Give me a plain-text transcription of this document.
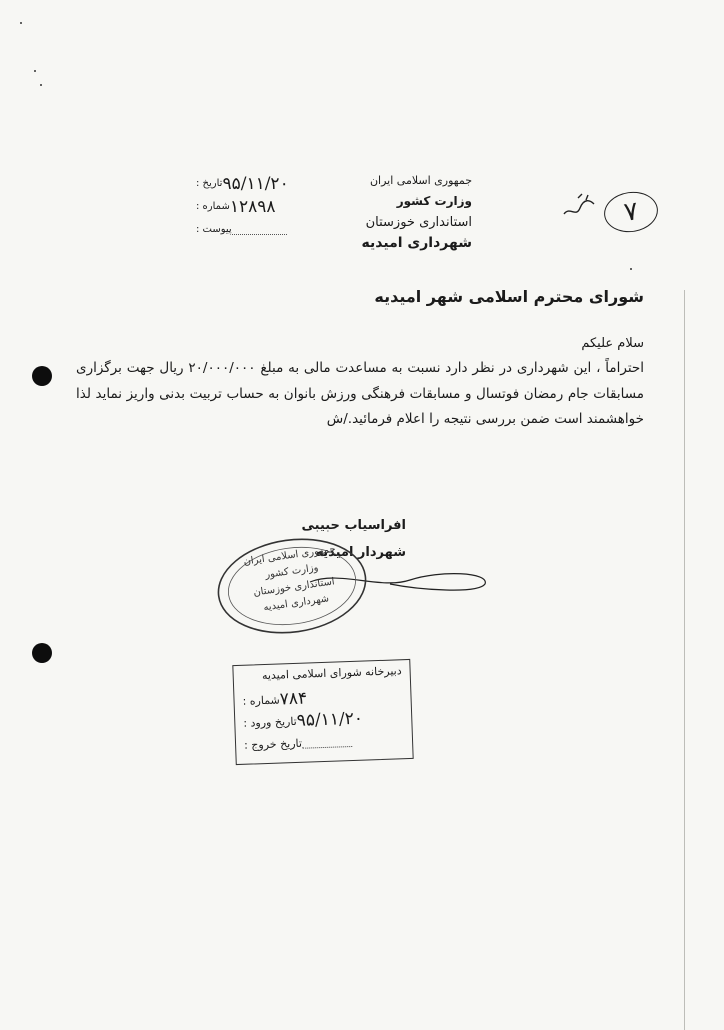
جمهوری اسلامی ایران
وزارت کشور
استانداری خوزستان
شهرداری امیدیه
تاریخ : ۹۵/۱۱/۲۰
شماره : ۱۲۸۹۸
پیوست :
۷
شورای محترم اسلامی شهر امیدیه
سلام علیکم
احتراماً ، این شهرداری در نظر دارد نسبت به مساعدت مالی به مبلغ ۲۰/۰۰۰/۰۰۰ ریال جهت برگزاری مسابقات جام رمضان فوتسال و مسابقات فرهنگی ورزش بانوان به حساب تربیت بدنی واریز نماید لذا خواهشمند است ضمن بررسی نتیجه را اعلام فرمائید./ش
افراسیاب حبیبی
شهردار امیدیه
جمهوری اسلامی ایران
وزارت کشور
استانداری خوزستان
شهرداری امیدیه
دبیرخانه شورای اسلامی امیدیه
شماره : ۷۸۴
تاریخ ورود : ۹۵/۱۱/۲۰
تاریخ خروج :
